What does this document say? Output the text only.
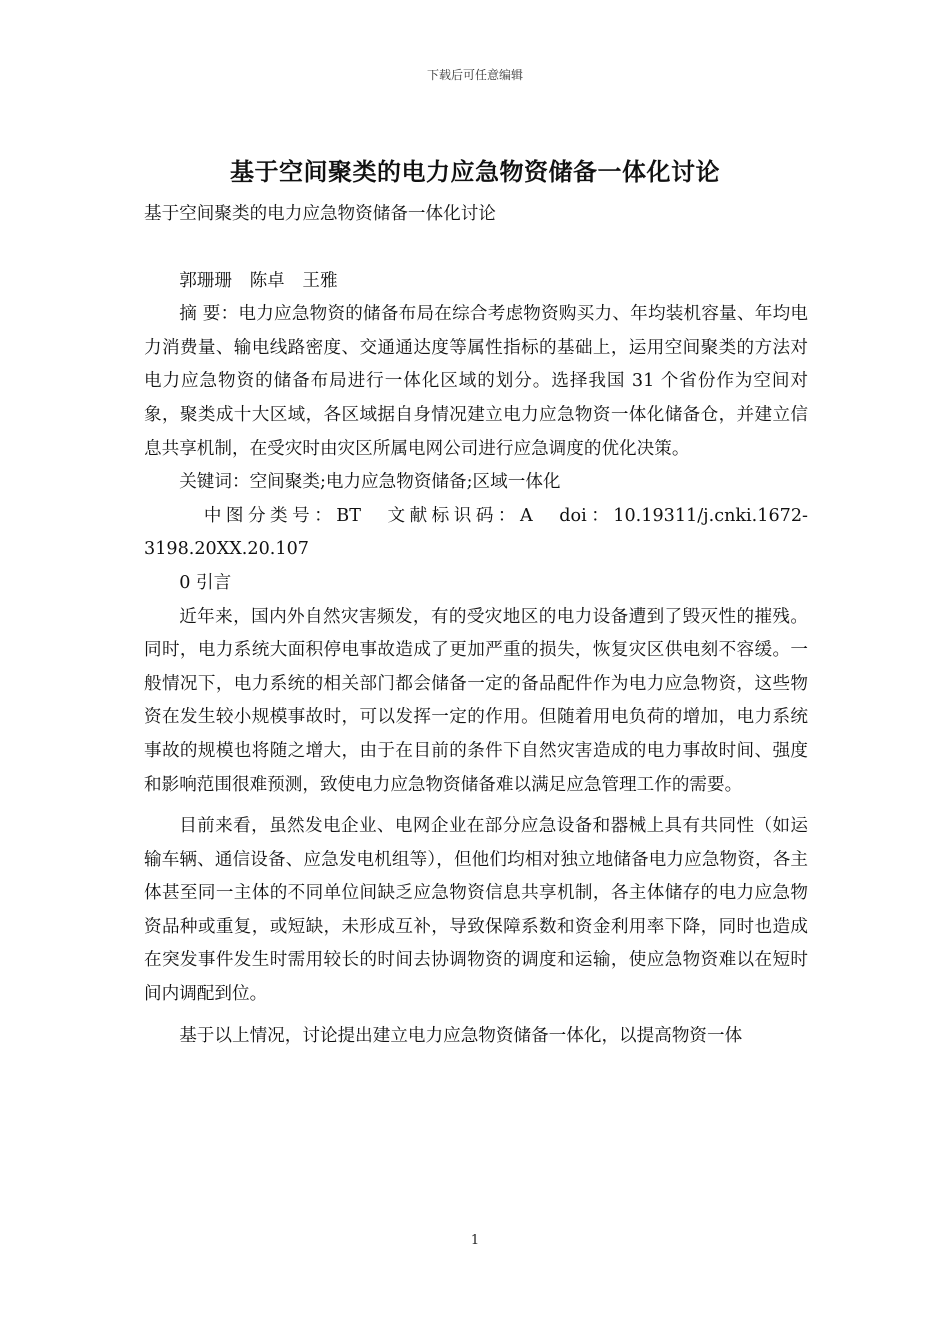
下载后可任意编辑
基于空间聚类的电力应急物资储备一体化讨论

基于空间聚类的电力应急物资储备一体化讨论

郭珊珊　陈卓　王雅

摘 要：电力应急物资的储备布局在综合考虑物资购买力、年均装机容量、年均电力消费量、输电线路密度、交通通达度等属性指标的基础上，运用空间聚类的方法对电力应急物资的储备布局进行一体化区域的划分。选择我国 31 个省份作为空间对象，聚类成十大区域，各区域据自身情况建立电力应急物资一体化储备仓，并建立信息共享机制，在受灾时由灾区所属电网公司进行应急调度的优化决策。

关键词：空间聚类;电力应急物资储备;区域一体化

中图分类号：BT　文献标识码：A　doi：10.19311/j.cnki.1672-3198.20XX.20.107

0 引言

近年来，国内外自然灾害频发，有的受灾地区的电力设备遭到了毁灭性的摧残。同时，电力系统大面积停电事故造成了更加严重的损失，恢复灾区供电刻不容缓。一般情况下，电力系统的相关部门都会储备一定的备品配件作为电力应急物资，这些物资在发生较小规模事故时，可以发挥一定的作用。但随着用电负荷的增加，电力系统事故的规模也将随之增大，由于在目前的条件下自然灾害造成的电力事故时间、强度和影响范围很难预测，致使电力应急物资储备难以满足应急管理工作的需要。

目前来看，虽然发电企业、电网企业在部分应急设备和器械上具有共同性（如运输车辆、通信设备、应急发电机组等），但他们均相对独立地储备电力应急物资，各主体甚至同一主体的不同单位间缺乏应急物资信息共享机制，各主体储存的电力应急物资品种或重复，或短缺，未形成互补，导致保障系数和资金利用率下降，同时也造成在突发事件发生时需用较长的时间去协调物资的调度和运输，使应急物资难以在短时间内调配到位。

基于以上情况，讨论提出建立电力应急物资储备一体化，以提高物资一体

1
